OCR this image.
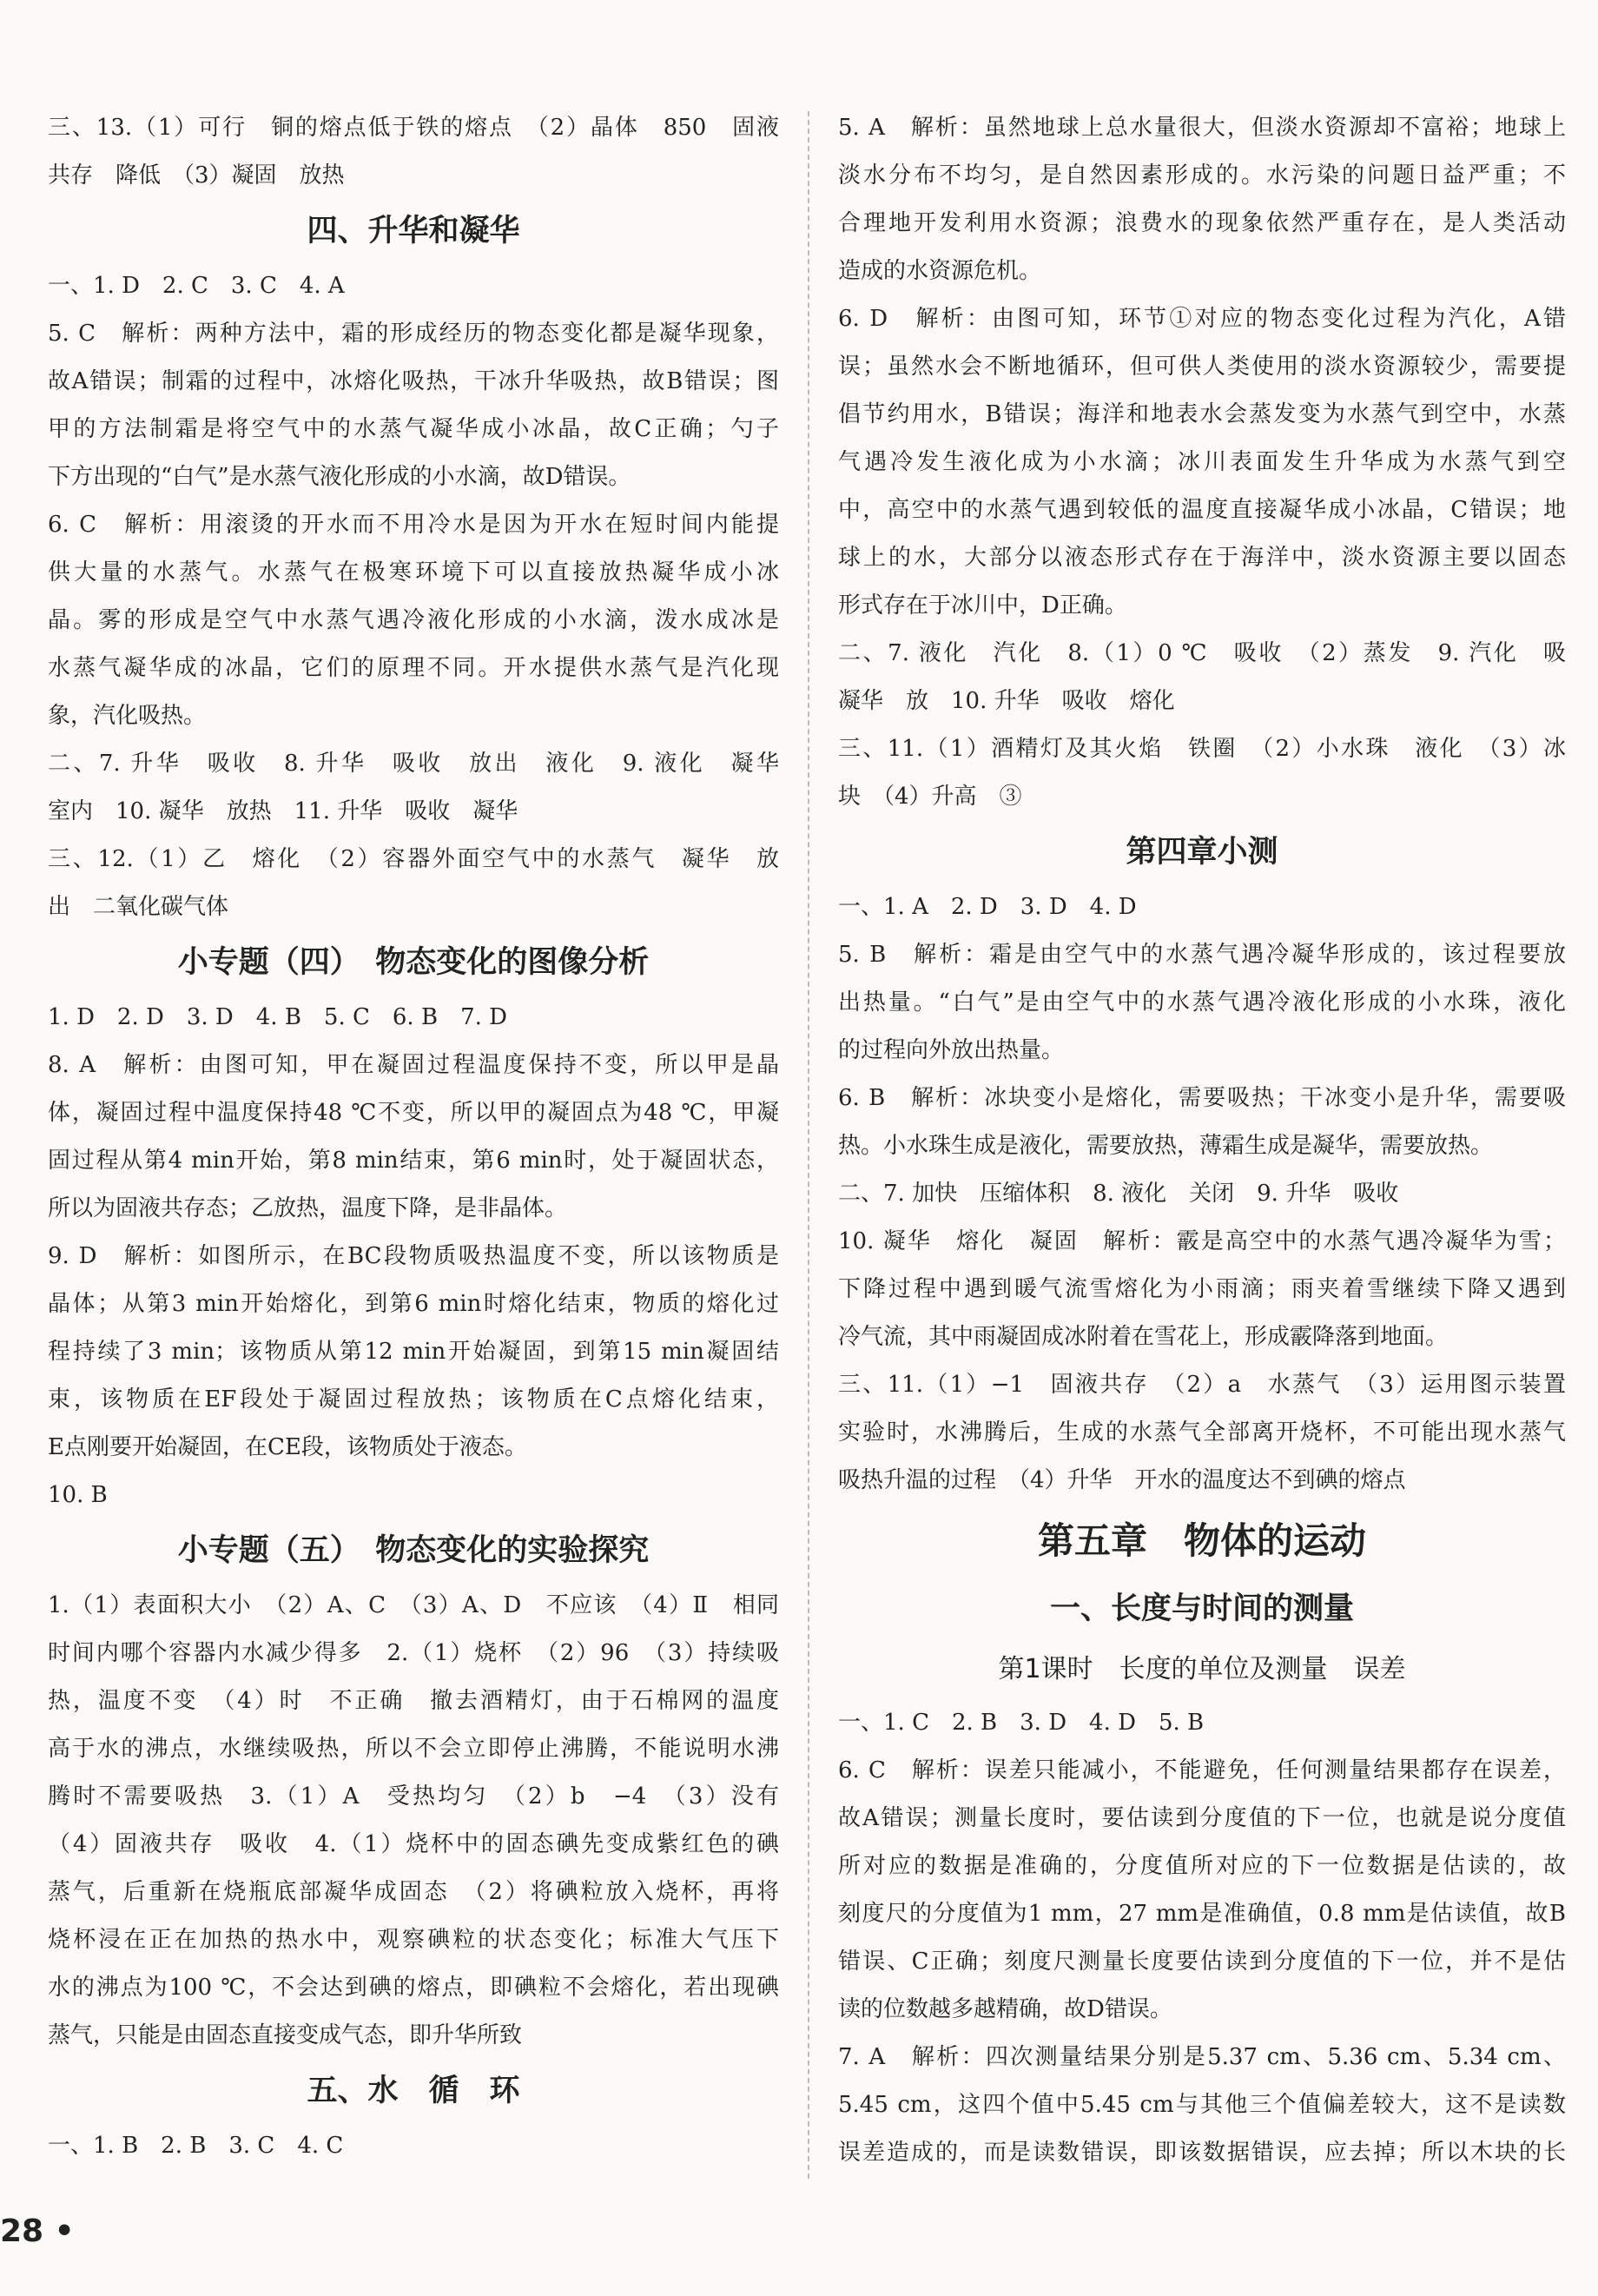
三、13.（1）可行　铜的熔点低于铁的熔点　（2）晶体　850　固液

共存　降低　（3）凝固　放热

四、升华和凝华

一、1. D　2. C　3. C　4. A

5. C　解析：两种方法中，霜的形成经历的物态变化都是凝华现象，

故A错误；制霜的过程中，冰熔化吸热，干冰升华吸热，故B错误；图

甲的方法制霜是将空气中的水蒸气凝华成小冰晶，故C正确；勺子

下方出现的“白气”是水蒸气液化形成的小水滴，故D错误。

6. C　解析：用滚烫的开水而不用冷水是因为开水在短时间内能提

供大量的水蒸气。水蒸气在极寒环境下可以直接放热凝华成小冰

晶。雾的形成是空气中水蒸气遇冷液化形成的小水滴，泼水成冰是

水蒸气凝华成的冰晶，它们的原理不同。开水提供水蒸气是汽化现

象，汽化吸热。

二、7. 升华　吸收　8. 升华　吸收　放出　液化　9. 液化　凝华

室内　10. 凝华　放热　11. 升华　吸收　凝华

三、12.（1）乙　熔化　（2）容器外面空气中的水蒸气　凝华　放

出　二氧化碳气体

小专题（四）　物态变化的图像分析

1. D　2. D　3. D　4. B　5. C　6. B　7. D

8. A　解析：由图可知，甲在凝固过程温度保持不变，所以甲是晶

体，凝固过程中温度保持48 ℃不变，所以甲的凝固点为48 ℃，甲凝

固过程从第4 min开始，第8 min结束，第6 min时，处于凝固状态，

所以为固液共存态；乙放热，温度下降，是非晶体。

9. D　解析：如图所示，在BC段物质吸热温度不变，所以该物质是

晶体；从第3 min开始熔化，到第6 min时熔化结束，物质的熔化过

程持续了3 min；该物质从第12 min开始凝固，到第15 min凝固结

束，该物质在EF段处于凝固过程放热；该物质在C点熔化结束，

E点刚要开始凝固，在CE段，该物质处于液态。

10. B

小专题（五）　物态变化的实验探究

1.（1）表面积大小　（2）A、C　（3）A、D　不应该　（4）Ⅱ　相同

时间内哪个容器内水减少得多　2.（1）烧杯　（2）96　（3）持续吸

热，温度不变　（4）时　不正确　撤去酒精灯，由于石棉网的温度

高于水的沸点，水继续吸热，所以不会立即停止沸腾，不能说明水沸

腾时不需要吸热　3.（1）A　受热均匀　（2）b　−4　（3）没有

（4）固液共存　吸收　4.（1）烧杯中的固态碘先变成紫红色的碘

蒸气，后重新在烧瓶底部凝华成固态　（2）将碘粒放入烧杯，再将

烧杯浸在正在加热的热水中，观察碘粒的状态变化；标准大气压下

水的沸点为100 ℃，不会达到碘的熔点，即碘粒不会熔化，若出现碘

蒸气，只能是由固态直接变成气态，即升华所致

五、水　循　环

一、1. B　2. B　3. C　4. C

5. A　解析：虽然地球上总水量很大，但淡水资源却不富裕；地球上

淡水分布不均匀，是自然因素形成的。水污染的问题日益严重；不

合理地开发利用水资源；浪费水的现象依然严重存在，是人类活动

造成的水资源危机。

6. D　解析：由图可知，环节①对应的物态变化过程为汽化，A错

误；虽然水会不断地循环，但可供人类使用的淡水资源较少，需要提

倡节约用水，B错误；海洋和地表水会蒸发变为水蒸气到空中，水蒸

气遇冷发生液化成为小水滴；冰川表面发生升华成为水蒸气到空

中，高空中的水蒸气遇到较低的温度直接凝华成小冰晶，C错误；地

球上的水，大部分以液态形式存在于海洋中，淡水资源主要以固态

形式存在于冰川中，D正确。

二、7. 液化　汽化　8.（1）0 ℃　吸收　（2）蒸发　9. 汽化　吸

凝华　放　10. 升华　吸收　熔化

三、11.（1）酒精灯及其火焰　铁圈　（2）小水珠　液化　（3）冰

块　（4）升高　③

第四章小测

一、1. A　2. D　3. D　4. D

5. B　解析：霜是由空气中的水蒸气遇冷凝华形成的，该过程要放

出热量。“白气”是由空气中的水蒸气遇冷液化形成的小水珠，液化

的过程向外放出热量。

6. B　解析：冰块变小是熔化，需要吸热；干冰变小是升华，需要吸

热。小水珠生成是液化，需要放热，薄霜生成是凝华，需要放热。

二、7. 加快　压缩体积　8. 液化　关闭　9. 升华　吸收

10. 凝华　熔化　凝固　解析：霰是高空中的水蒸气遇冷凝华为雪；

下降过程中遇到暖气流雪熔化为小雨滴；雨夹着雪继续下降又遇到

冷气流，其中雨凝固成冰附着在雪花上，形成霰降落到地面。

三、11.（1）−1　固液共存　（2）a　水蒸气　（3）运用图示装置

实验时，水沸腾后，生成的水蒸气全部离开烧杯，不可能出现水蒸气

吸热升温的过程　（4）升华　开水的温度达不到碘的熔点

第五章　物体的运动
一、长度与时间的测量
第1课时　长度的单位及测量　误差

一、1. C　2. B　3. D　4. D　5. B

6. C　解析：误差只能减小，不能避免，任何测量结果都存在误差，

故A错误；测量长度时，要估读到分度值的下一位，也就是说分度值

所对应的数据是准确的，分度值所对应的下一位数据是估读的，故

刻度尺的分度值为1 mm，27 mm是准确值，0.8 mm是估读值，故B

错误、C正确；刻度尺测量长度要估读到分度值的下一位，并不是估

读的位数越多越精确，故D错误。

7. A　解析：四次测量结果分别是5.37 cm、5.36 cm、5.34 cm、

5.45 cm，这四个值中5.45 cm与其他三个值偏差较大，这不是读数

误差造成的，而是读数错误，即该数据错误，应去掉；所以木块的长

28 •
